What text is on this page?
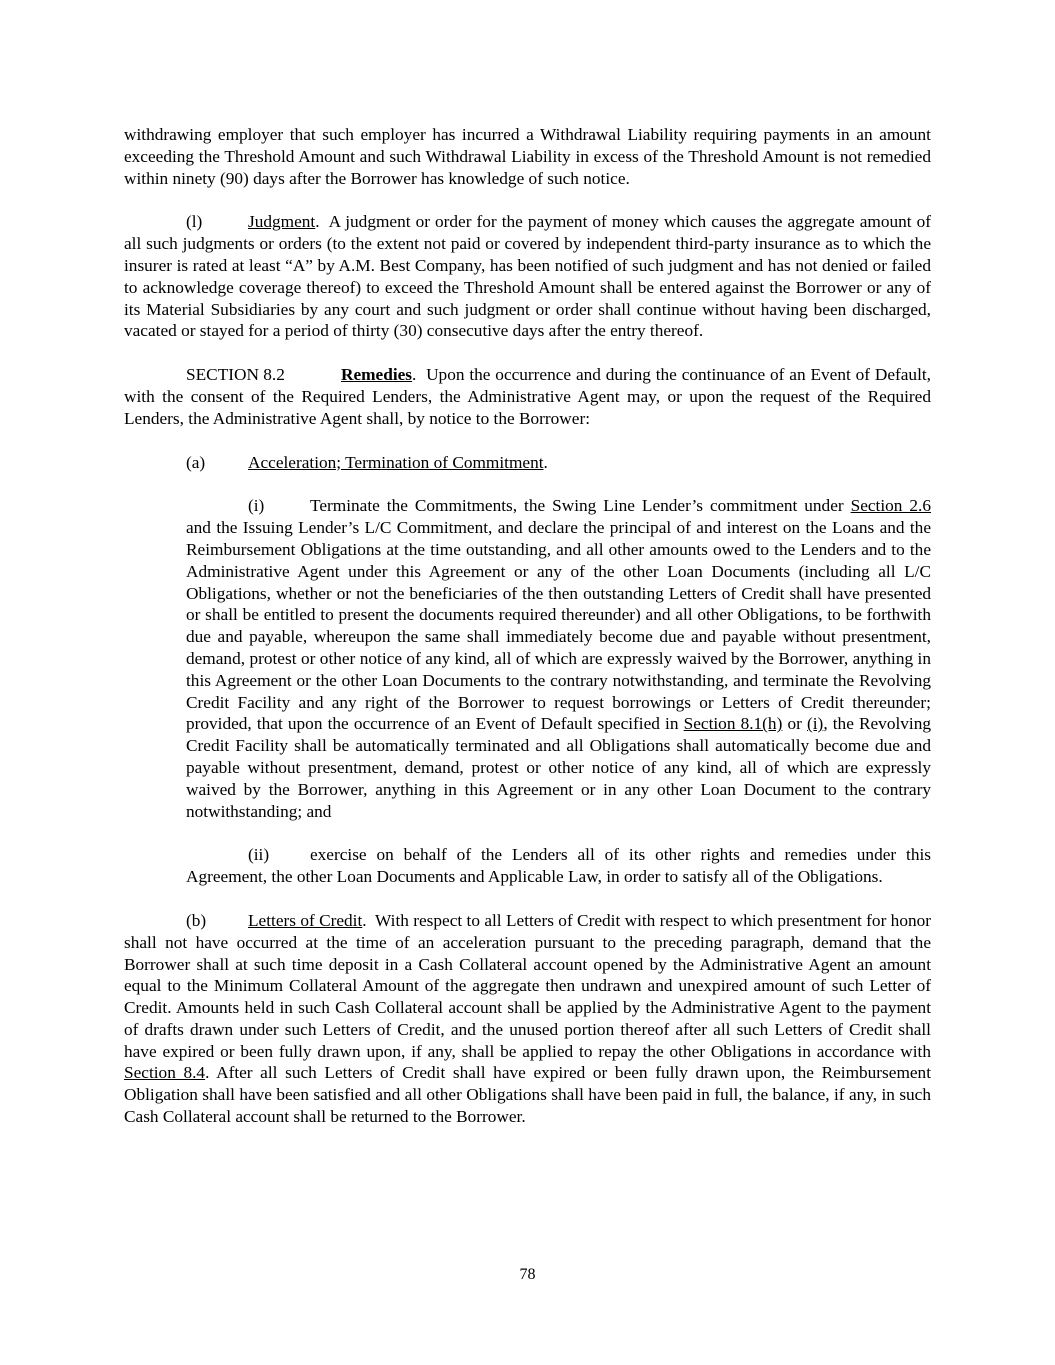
withdrawing employer that such employer has incurred a Withdrawal Liability requiring payments in an amount exceeding the Threshold Amount and such Withdrawal Liability in excess of the Threshold Amount is not remedied within ninety (90) days after the Borrower has knowledge of such notice.

(l)	Judgment. A judgment or order for the payment of money which causes the aggregate amount of all such judgments or orders (to the extent not paid or covered by independent third-party insurance as to which the insurer is rated at least “A” by A.M. Best Company, has been notified of such judgment and has not denied or failed to acknowledge coverage thereof) to exceed the Threshold Amount shall be entered against the Borrower or any of its Material Subsidiaries by any court and such judgment or order shall continue without having been discharged, vacated or stayed for a period of thirty (30) consecutive days after the entry thereof.

SECTION 8.2	Remedies. Upon the occurrence and during the continuance of an Event of Default, with the consent of the Required Lenders, the Administrative Agent may, or upon the request of the Required Lenders, the Administrative Agent shall, by notice to the Borrower:

(a) Acceleration; Termination of Commitment.

(i)	Terminate the Commitments, the Swing Line Lender’s commitment under Section 2.6 and the Issuing Lender’s L/C Commitment, and declare the principal of and interest on the Loans and the Reimbursement Obligations at the time outstanding, and all other amounts owed to the Lenders and to the Administrative Agent under this Agreement or any of the other Loan Documents (including all L/C Obligations, whether or not the beneficiaries of the then outstanding Letters of Credit shall have presented or shall be entitled to present the documents required thereunder) and all other Obligations, to be forthwith due and payable, whereupon the same shall immediately become due and payable without presentment, demand, protest or other notice of any kind, all of which are expressly waived by the Borrower, anything in this Agreement or the other Loan Documents to the contrary notwithstanding, and terminate the Revolving Credit Facility and any right of the Borrower to request borrowings or Letters of Credit thereunder; provided, that upon the occurrence of an Event of Default specified in Section 8.1(h) or (i), the Revolving Credit Facility shall be automatically terminated and all Obligations shall automatically become due and payable without presentment, demand, protest or other notice of any kind, all of which are expressly waived by the Borrower, anything in this Agreement or in any other Loan Document to the contrary notwithstanding; and

(ii) exercise on behalf of the Lenders all of its other rights and remedies under this Agreement, the other Loan Documents and Applicable Law, in order to satisfy all of the Obligations.

(b) Letters of Credit. With respect to all Letters of Credit with respect to which presentment for honor shall not have occurred at the time of an acceleration pursuant to the preceding paragraph, demand that the Borrower shall at such time deposit in a Cash Collateral account opened by the Administrative Agent an amount equal to the Minimum Collateral Amount of the aggregate then undrawn and unexpired amount of such Letter of Credit. Amounts held in such Cash Collateral account shall be applied by the Administrative Agent to the payment of drafts drawn under such Letters of Credit, and the unused portion thereof after all such Letters of Credit shall have expired or been fully drawn upon, if any, shall be applied to repay the other Obligations in accordance with Section 8.4. After all such Letters of Credit shall have expired or been fully drawn upon, the Reimbursement Obligation shall have been satisfied and all other Obligations shall have been paid in full, the balance, if any, in such Cash Collateral account shall be returned to the Borrower.

78
